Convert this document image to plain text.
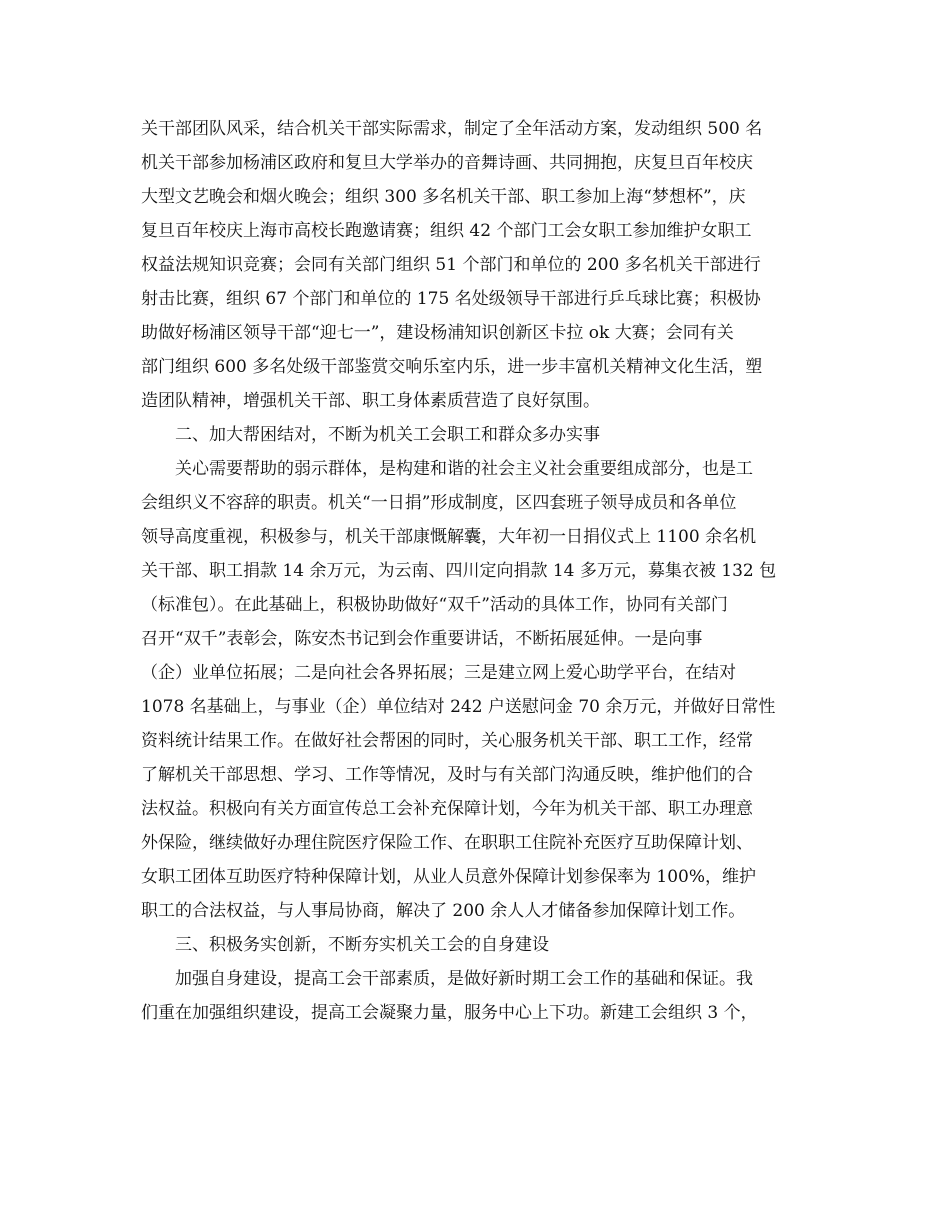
关干部团队风采，结合机关干部实际需求，制定了全年活动方案，发动组织 500 名
机关干部参加杨浦区政府和复旦大学举办的音舞诗画、共同拥抱，庆复旦百年校庆
大型文艺晚会和烟火晚会；组织 300 多名机关干部、职工参加上海“梦想杯”，庆
复旦百年校庆上海市高校长跑邀请赛；组织 42 个部门工会女职工参加维护女职工
权益法规知识竞赛；会同有关部门组织 51 个部门和单位的 200 多名机关干部进行
射击比赛，组织 67 个部门和单位的 175 名处级领导干部进行乒乓球比赛；积极协
助做好杨浦区领导干部“迎七一”，建设杨浦知识创新区卡拉 ok 大赛；会同有关
部门组织 600 多名处级干部鉴赏交响乐室内乐，进一步丰富机关精神文化生活，塑
造团队精神，增强机关干部、职工身体素质营造了良好氛围。
二、加大帮困结对，不断为机关工会职工和群众多办实事
关心需要帮助的弱示群体，是构建和谐的社会主义社会重要组成部分，也是工
会组织义不容辞的职责。机关“一日捐”形成制度，区四套班子领导成员和各单位
领导高度重视，积极参与，机关干部康慨解囊，大年初一日捐仪式上 1100 余名机
关干部、职工捐款 14 余万元，为云南、四川定向捐款 14 多万元，募集衣被 132 包
（标准包）。在此基础上，积极协助做好“双千”活动的具体工作，协同有关部门
召开“双千”表彰会，陈安杰书记到会作重要讲话，不断拓展延伸。一是向事
（企）业单位拓展；二是向社会各界拓展；三是建立网上爱心助学平台，在结对
1078 名基础上，与事业（企）单位结对 242 户送慰问金 70 余万元，并做好日常性
资料统计结果工作。在做好社会帮困的同时，关心服务机关干部、职工工作，经常
了解机关干部思想、学习、工作等情况，及时与有关部门沟通反映，维护他们的合
法权益。积极向有关方面宣传总工会补充保障计划，今年为机关干部、职工办理意
外保险，继续做好办理住院医疗保险工作、在职职工住院补充医疗互助保障计划、
女职工团体互助医疗特种保障计划，从业人员意外保障计划参保率为 100%，维护
职工的合法权益，与人事局协商，解决了 200 余人人才储备参加保障计划工作。
三、积极务实创新，不断夯实机关工会的自身建设
加强自身建设，提高工会干部素质，是做好新时期工会工作的基础和保证。我
们重在加强组织建设，提高工会凝聚力量，服务中心上下功。新建工会组织 3 个，
